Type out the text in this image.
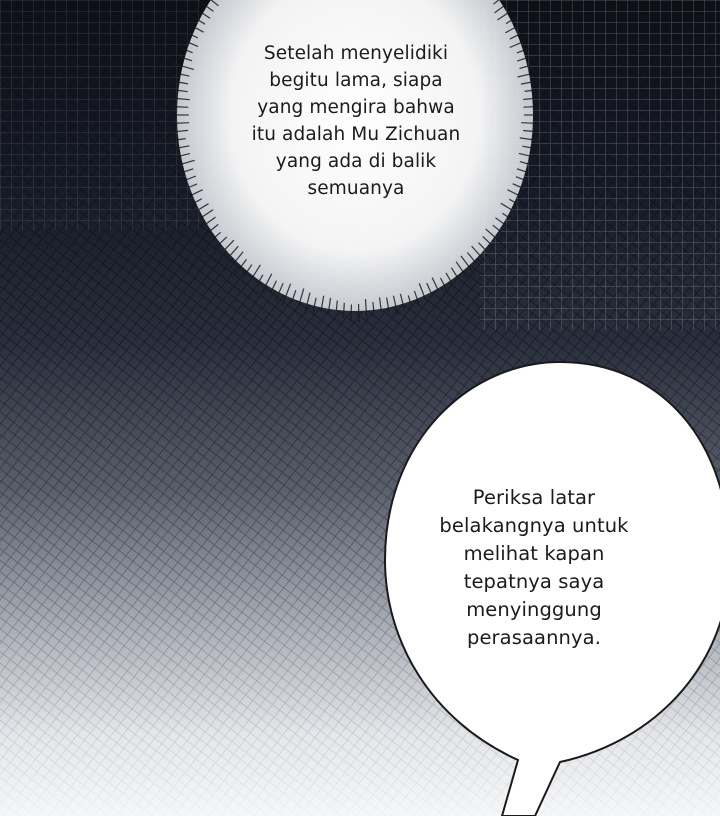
Setelah menyelidiki
begitu lama, siapa
yang mengira bahwa
itu adalah Mu Zichuan
yang ada di balik
semuanya
Periksa latar
belakangnya untuk
melihat kapan
tepatnya saya
menyinggung
perasaannya.
